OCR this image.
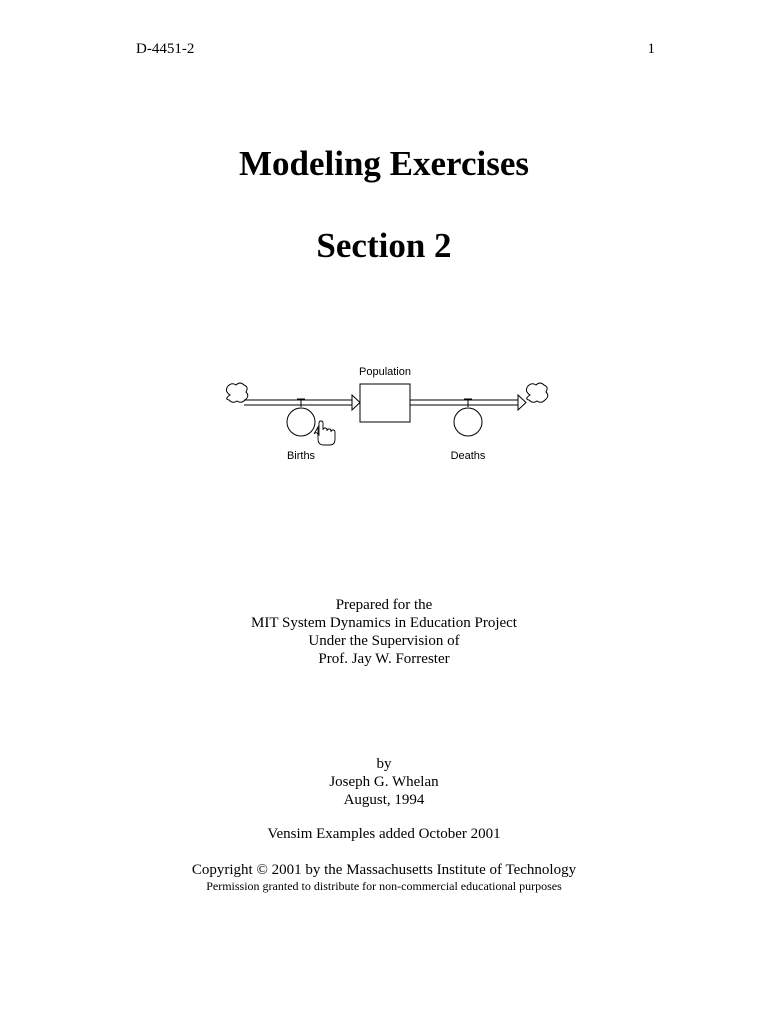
D-4451-2	1
Modeling Exercises
Section 2
Births
Population
Deaths
Prepared for the
MIT System Dynamics in Education Project
Under the Supervision of
Prof. Jay W. Forrester
by
Joseph G. Whelan
August, 1994
Vensim Examples added October 2001
Copyright © 2001 by the Massachusetts Institute of Technology
Permission granted to distribute for non-commercial educational purposes
